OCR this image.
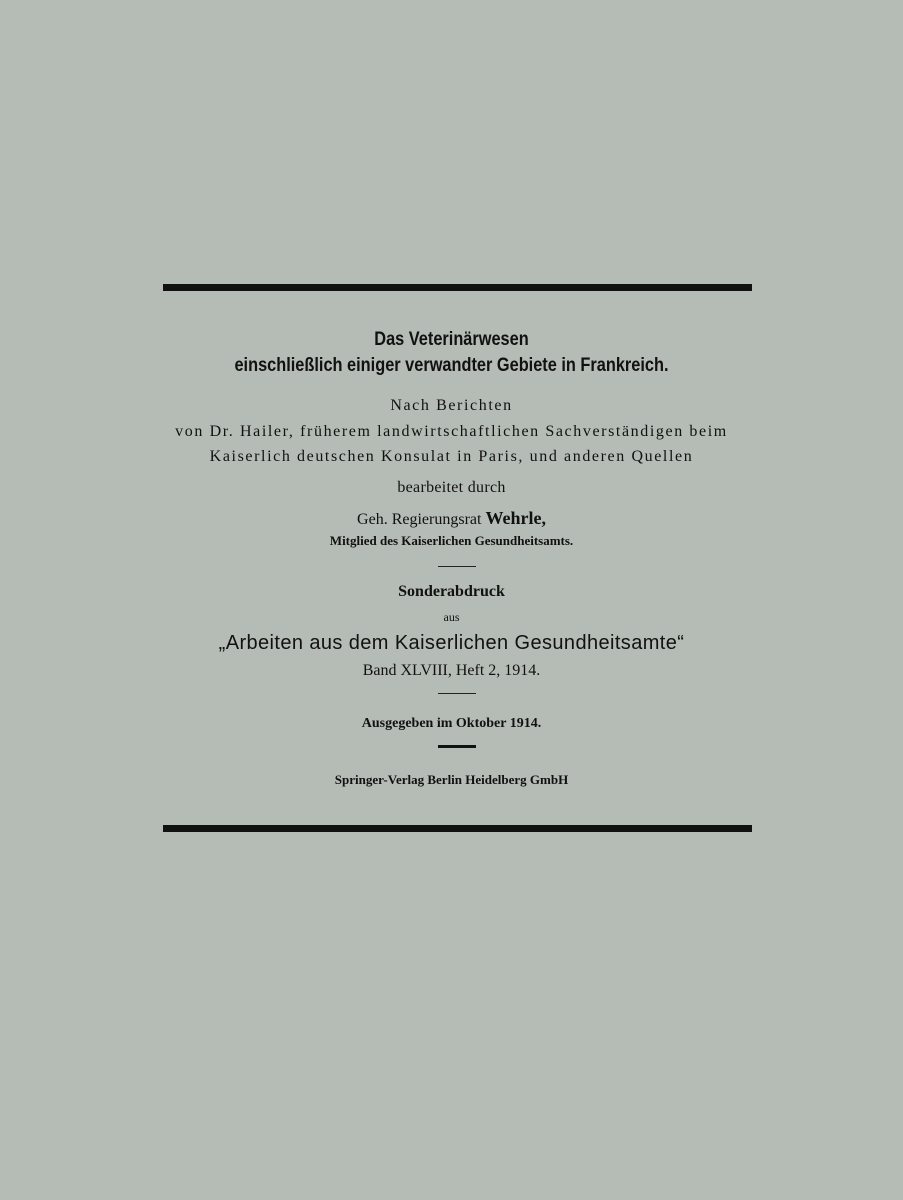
Das Veterinärwesen
einschließlich einiger verwandter Gebiete in Frankreich.
Nach Berichten
von Dr. Hailer, früherem landwirtschaftlichen Sachverständigen beim
Kaiserlich deutschen Konsulat in Paris, und anderen Quellen
bearbeitet durch
Geh. Regierungsrat Wehrle,
Mitglied des Kaiserlichen Gesundheitsamts.
Sonderabdruck
aus
„Arbeiten aus dem Kaiserlichen Gesundheitsamte“
Band XLVIII, Heft 2, 1914.
Ausgegeben im Oktober 1914.
Springer-Verlag Berlin Heidelberg GmbH
